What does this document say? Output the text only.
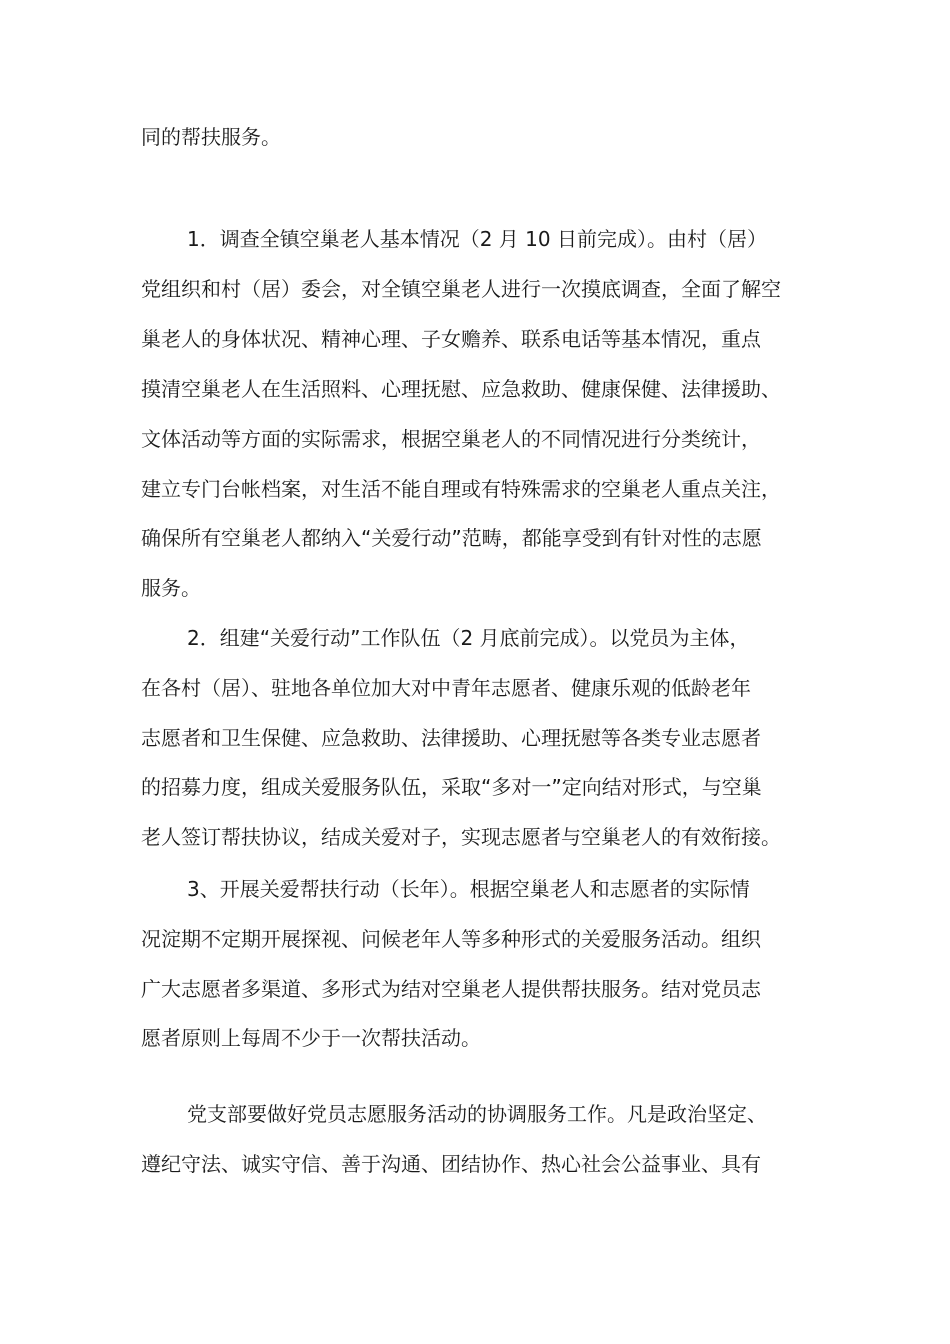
同的帮扶服务。
1．调查全镇空巢老人基本情况（2 月 10 日前完成）。由村（居）
党组织和村（居）委会，对全镇空巢老人进行一次摸底调查，全面了解空
巢老人的身体状况、精神心理、子女赡养、联系电话等基本情况，重点
摸清空巢老人在生活照料、心理抚慰、应急救助、健康保健、法律援助、
文体活动等方面的实际需求，根据空巢老人的不同情况进行分类统计，
建立专门台帐档案，对生活不能自理或有特殊需求的空巢老人重点关注，
确保所有空巢老人都纳入“关爱行动”范畴，都能享受到有针对性的志愿
服务。
2．组建“关爱行动”工作队伍（2 月底前完成）。以党员为主体，
在各村（居）、驻地各单位加大对中青年志愿者、健康乐观的低龄老年
志愿者和卫生保健、应急救助、法律援助、心理抚慰等各类专业志愿者
的招募力度，组成关爱服务队伍，采取“多对一”定向结对形式，与空巢
老人签订帮扶协议，结成关爱对子，实现志愿者与空巢老人的有效衔接。
3、开展关爱帮扶行动（长年）。根据空巢老人和志愿者的实际情
况淀期不定期开展探视、问候老年人等多种形式的关爱服务活动。组织
广大志愿者多渠道、多形式为结对空巢老人提供帮扶服务。结对党员志
愿者原则上每周不少于一次帮扶活动。
党支部要做好党员志愿服务活动的协调服务工作。凡是政治坚定、
遵纪守法、诚实守信、善于沟通、团结协作、热心社会公益事业、具有
